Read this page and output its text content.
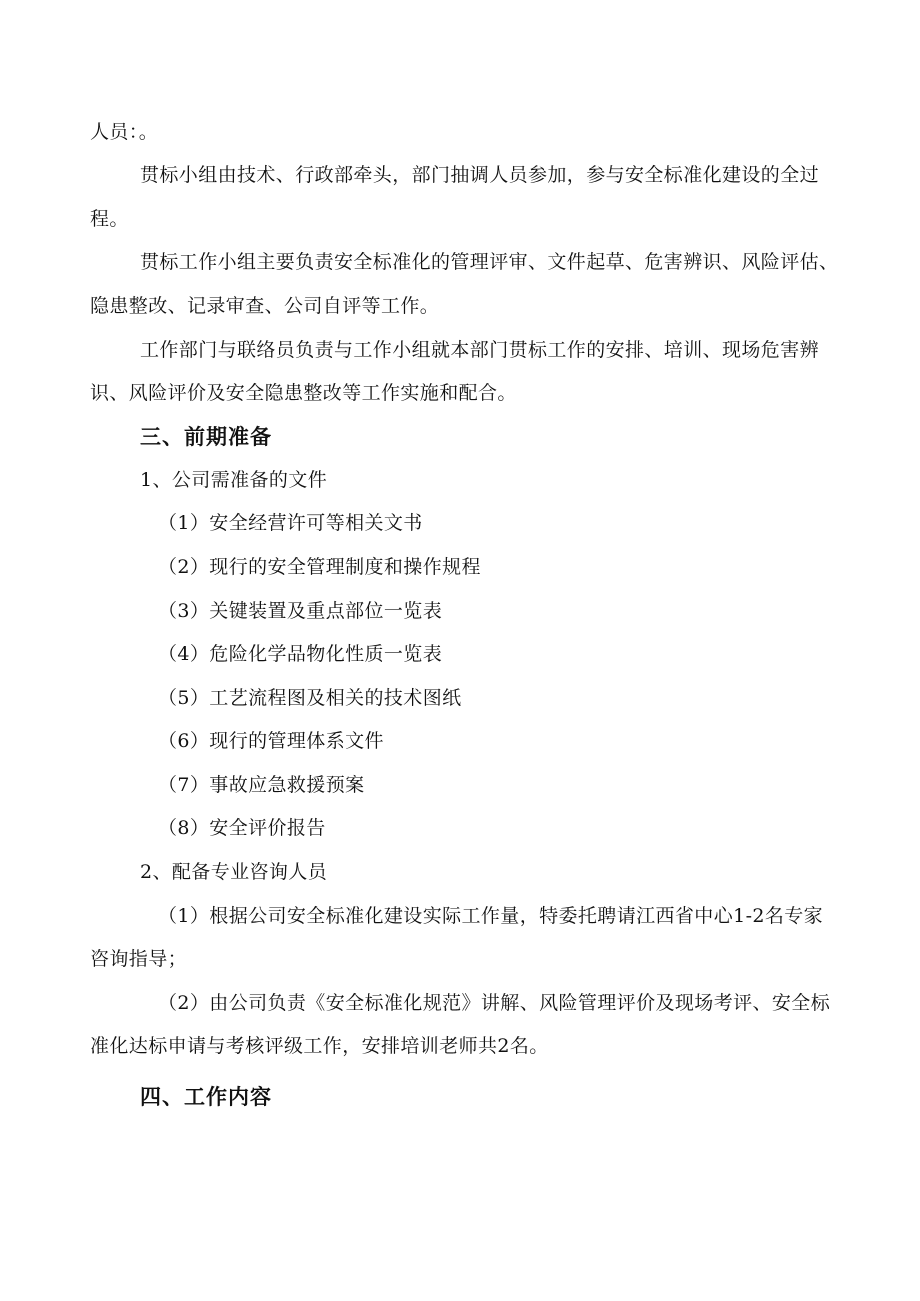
人员：。
贯标小组由技术、行政部牵头，部门抽调人员参加，参与安全标准化建设的全过
程。
贯标工作小组主要负责安全标准化的管理评审、文件起草、危害辨识、风险评估、
隐患整改、记录审查、公司自评等工作。
工作部门与联络员负责与工作小组就本部门贯标工作的安排、培训、现场危害辨
识、风险评价及安全隐患整改等工作实施和配合。
三、前期准备
1、公司需准备的文件
（1）安全经营许可等相关文书
（2）现行的安全管理制度和操作规程
（3）关键装置及重点部位一览表
（4）危险化学品物化性质一览表
（5）工艺流程图及相关的技术图纸
（6）现行的管理体系文件
（7）事故应急救援预案
（8）安全评价报告
2、配备专业咨询人员
（1）根据公司安全标准化建设实际工作量，特委托聘请江西省中心1-2名专家
咨询指导；
（2）由公司负责《安全标准化规范》讲解、风险管理评价及现场考评、安全标
准化达标申请与考核评级工作，安排培训老师共2名。
四、工作内容
